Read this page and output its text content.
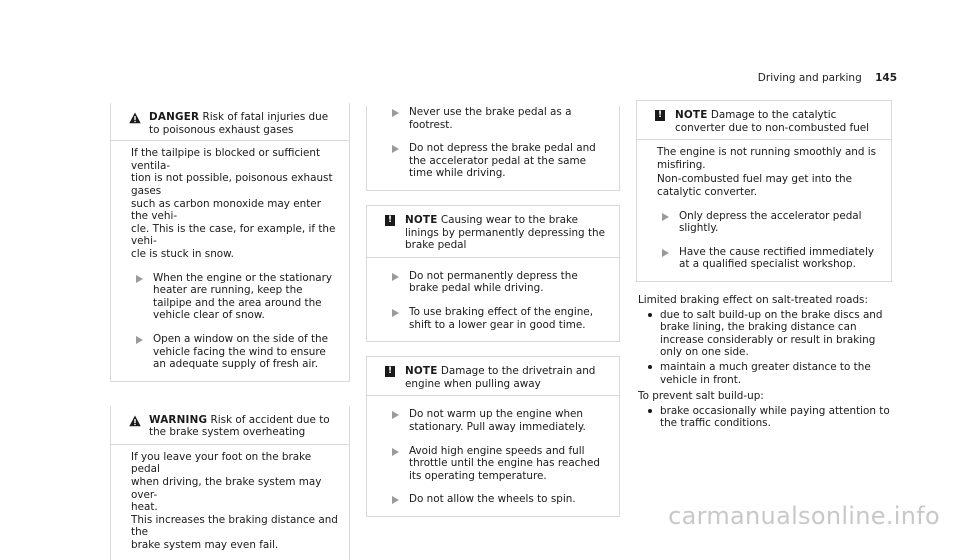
Driving and parking 145
DANGER Risk of fatal injuries due to poisonous exhaust gases

If the tailpipe is blocked or sufficient ventila-

tion is not possible, poisonous exhaust gases

such as carbon monoxide may enter the vehi-

cle. This is the case, for example, if the vehi-

cle is stuck in snow.

When the engine or the stationary heater are running, keep the tailpipe and the area around the vehicle clear of snow.
Open a window on the side of the vehicle facing the wind to ensure an adequate supply of fresh air.
WARNING Risk of accident due to the brake system overheating

If you leave your foot on the brake pedal

when driving, the brake system may over-

heat.

This increases the braking distance and the

brake system may even fail.

Never use the brake pedal as a footrest.
Do not depress the brake pedal and the accelerator pedal at the same time while driving.
!	NOTE Causing wear to the brake linings by permanently depressing the brake pedal
Do not permanently depress the brake pedal while driving.
To use braking effect of the engine, shift to a lower gear in good time.
!	NOTE Damage to the drivetrain and engine when pulling away
Do not warm up the engine when stationary. Pull away immediately.
Avoid high engine speeds and full throttle until the engine has reached its operating temperature.
Do not allow the wheels to spin.
!	NOTE Damage to the catalytic converter due to non-combusted fuel

The engine is not running smoothly and is misfiring.

Non-combusted fuel may get into the catalytic converter.

Only depress the accelerator pedal slightly.
Have the cause rectified immediately at a qualified specialist workshop.

Limited braking effect on salt-treated roads:

due to salt build-up on the brake discs and brake lining, the braking distance can increase considerably or result in braking only on one side.
maintain a much greater distance to the vehicle in front.

To prevent salt build-up:

brake occasionally while paying attention to the traffic conditions.
carmanualsonline.info
